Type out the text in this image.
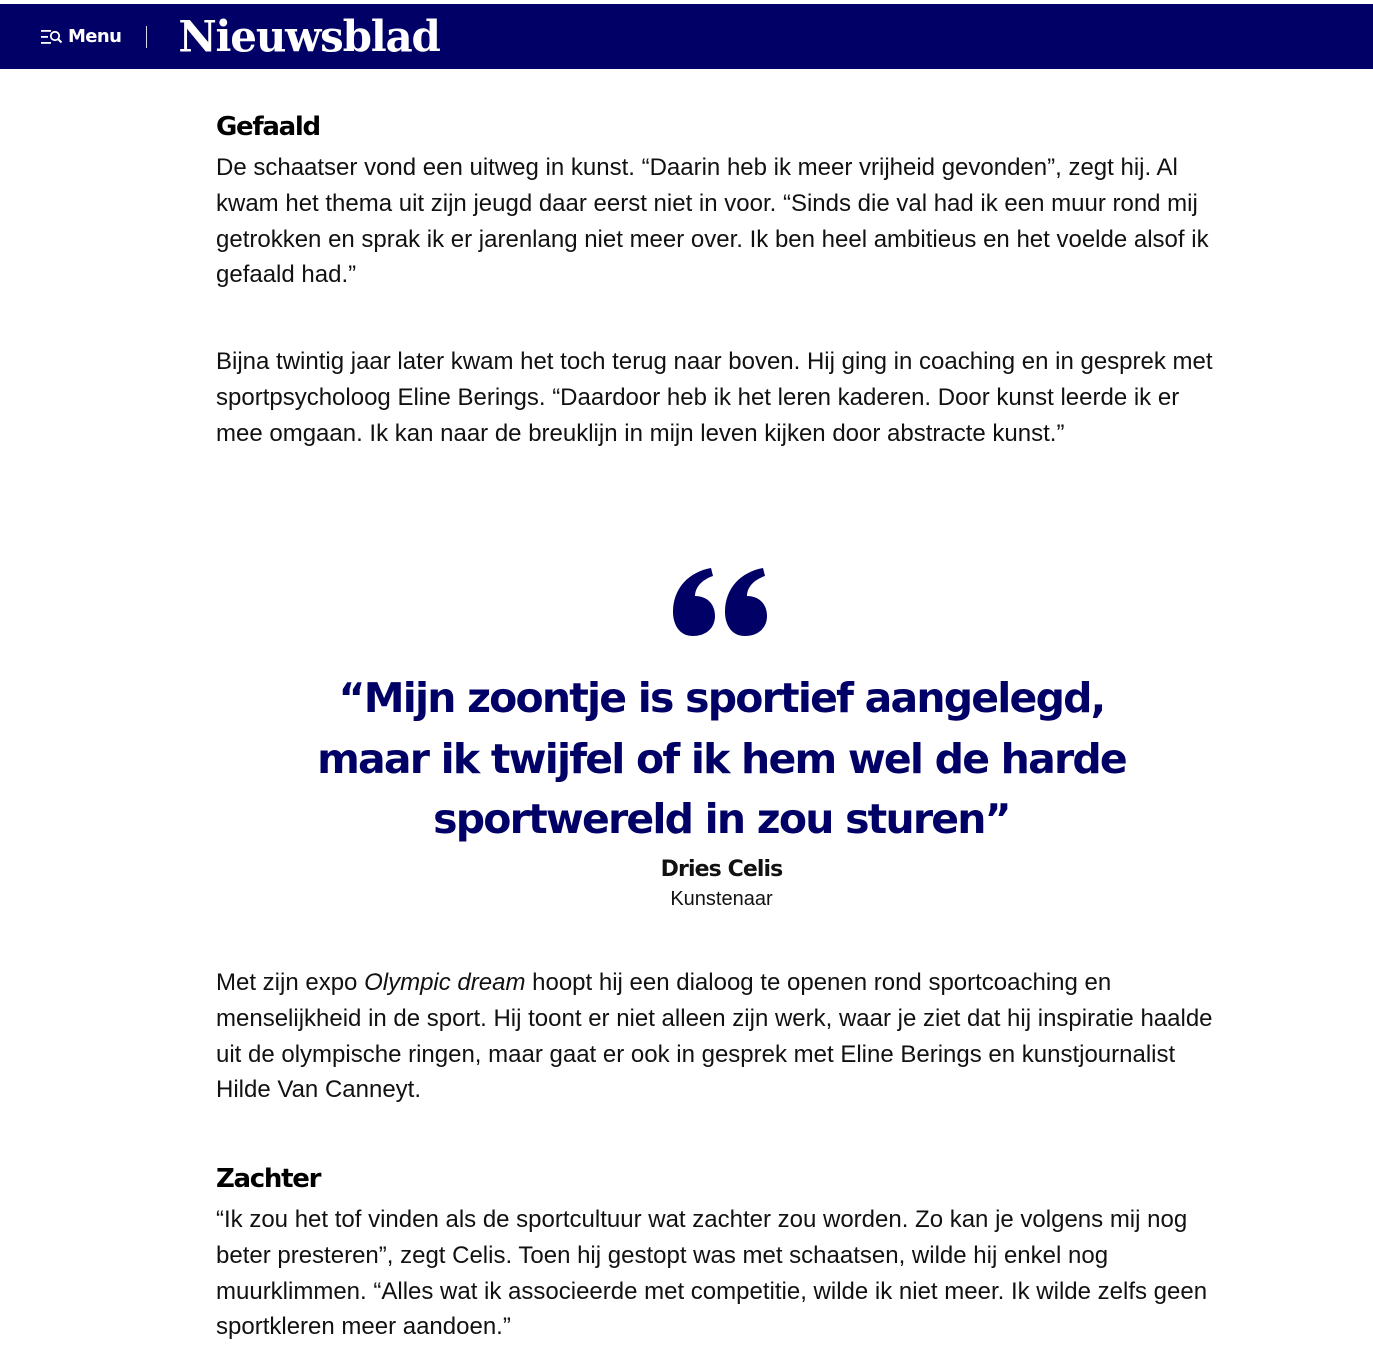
Menu Nieuwsblad
Gefaald

De schaatser vond een uitweg in kunst. “Daarin heb ik meer vrijheid gevonden”, zegt hij. Al kwam het thema uit zijn jeugd daar eerst niet in voor. “Sinds die val had ik een muur rond mij getrokken en sprak ik er jarenlang niet meer over. Ik ben heel ambitieus en het voelde alsof ik gefaald had.”

Bijna twintig jaar later kwam het toch terug naar boven. Hij ging in coaching en in gesprek met sportpsycholoog Eline Berings. “Daardoor heb ik het leren kaderen. Door kunst leerde ik er mee omgaan. Ik kan naar de breuklijn in mijn leven kijken door abstracte kunst.”

Met zijn expo Olympic dream hoopt hij een dialoog te openen rond sportcoaching en menselijkheid in de sport. Hij toont er niet alleen zijn werk, waar je ziet dat hij inspiratie haalde uit de olympische ringen, maar gaat er ook in gesprek met Eline Berings en kunstjournalist Hilde Van Canneyt.

Zachter

“Ik zou het tof vinden als de sportcultuur wat zachter zou worden. Zo kan je volgens mij nog beter presteren”, zegt Celis. Toen hij gestopt was met schaatsen, wilde hij enkel nog muurklimmen. “Alles wat ik associeerde met competitie, wilde ik niet meer. Ik wilde zelfs geen sportkleren meer aandoen.”

“Mijn zoontje is sportief aangelegd, maar ik twijfel of ik hem wel de harde sportwereld in zou sturen”
Dries Celis
Kunstenaar
